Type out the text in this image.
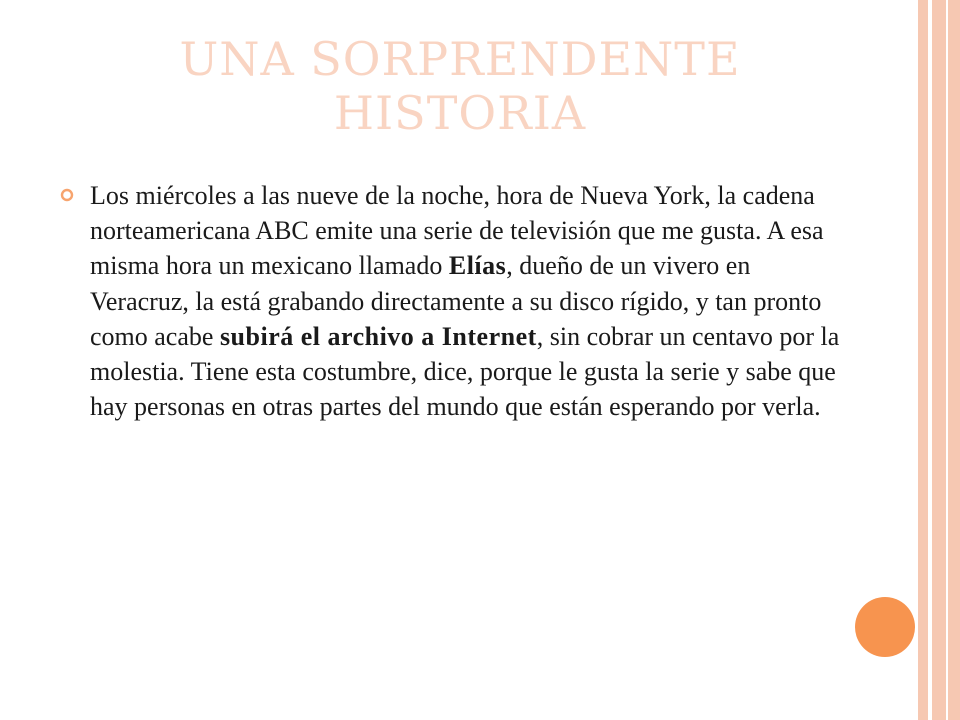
UNA SORPRENDENTE
HISTORIA

Los miércoles a las nueve de la noche, hora de Nueva York, la cadena norteamericana ABC emite una serie de televisión que me gusta. A esa misma hora un mexicano llamado Elías, dueño de un vivero en Veracruz, la está grabando directamente a su disco rígido, y tan pronto como acabe subirá el archivo a Internet, sin cobrar un centavo por la molestia. Tiene esta costumbre, dice, porque le gusta la serie y sabe que hay personas en otras partes del mundo que están esperando por verla.
